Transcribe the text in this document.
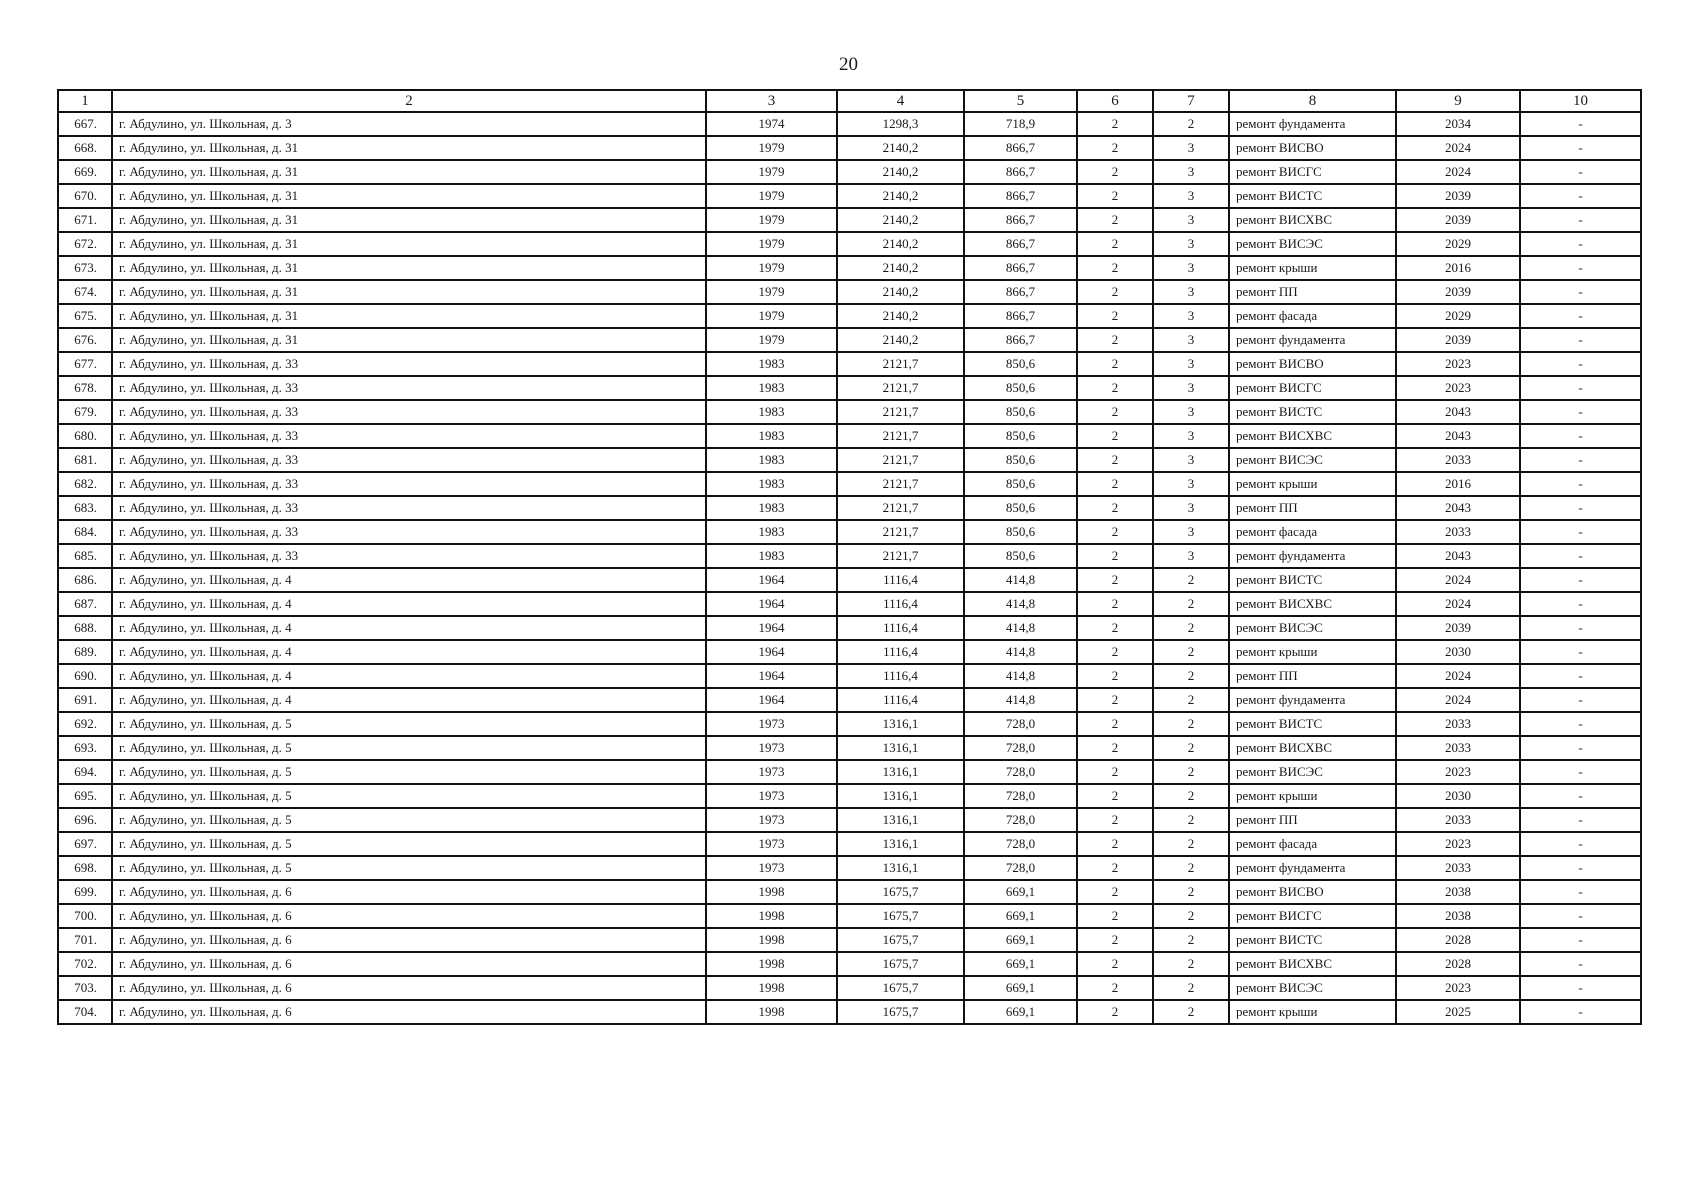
20
1	2	3	4	5	6	7	8	9	10
667.	г. Абдулино, ул. Школьная, д. 3	1974	1298,3	718,9	2	2	ремонт фундамента	2034	-
668.	г. Абдулино, ул. Школьная, д. 31	1979	2140,2	866,7	2	3	ремонт ВИСВО	2024	-
669.	г. Абдулино, ул. Школьная, д. 31	1979	2140,2	866,7	2	3	ремонт ВИСГС	2024	-
670.	г. Абдулино, ул. Школьная, д. 31	1979	2140,2	866,7	2	3	ремонт ВИСТС	2039	-
671.	г. Абдулино, ул. Школьная, д. 31	1979	2140,2	866,7	2	3	ремонт ВИСХВС	2039	-
672.	г. Абдулино, ул. Школьная, д. 31	1979	2140,2	866,7	2	3	ремонт ВИСЭС	2029	-
673.	г. Абдулино, ул. Школьная, д. 31	1979	2140,2	866,7	2	3	ремонт крыши	2016	-
674.	г. Абдулино, ул. Школьная, д. 31	1979	2140,2	866,7	2	3	ремонт ПП	2039	-
675.	г. Абдулино, ул. Школьная, д. 31	1979	2140,2	866,7	2	3	ремонт фасада	2029	-
676.	г. Абдулино, ул. Школьная, д. 31	1979	2140,2	866,7	2	3	ремонт фундамента	2039	-
677.	г. Абдулино, ул. Школьная, д. 33	1983	2121,7	850,6	2	3	ремонт ВИСВО	2023	-
678.	г. Абдулино, ул. Школьная, д. 33	1983	2121,7	850,6	2	3	ремонт ВИСГС	2023	-
679.	г. Абдулино, ул. Школьная, д. 33	1983	2121,7	850,6	2	3	ремонт ВИСТС	2043	-
680.	г. Абдулино, ул. Школьная, д. 33	1983	2121,7	850,6	2	3	ремонт ВИСХВС	2043	-
681.	г. Абдулино, ул. Школьная, д. 33	1983	2121,7	850,6	2	3	ремонт ВИСЭС	2033	-
682.	г. Абдулино, ул. Школьная, д. 33	1983	2121,7	850,6	2	3	ремонт крыши	2016	-
683.	г. Абдулино, ул. Школьная, д. 33	1983	2121,7	850,6	2	3	ремонт ПП	2043	-
684.	г. Абдулино, ул. Школьная, д. 33	1983	2121,7	850,6	2	3	ремонт фасада	2033	-
685.	г. Абдулино, ул. Школьная, д. 33	1983	2121,7	850,6	2	3	ремонт фундамента	2043	-
686.	г. Абдулино, ул. Школьная, д. 4	1964	1116,4	414,8	2	2	ремонт ВИСТС	2024	-
687.	г. Абдулино, ул. Школьная, д. 4	1964	1116,4	414,8	2	2	ремонт ВИСХВС	2024	-
688.	г. Абдулино, ул. Школьная, д. 4	1964	1116,4	414,8	2	2	ремонт ВИСЭС	2039	-
689.	г. Абдулино, ул. Школьная, д. 4	1964	1116,4	414,8	2	2	ремонт крыши	2030	-
690.	г. Абдулино, ул. Школьная, д. 4	1964	1116,4	414,8	2	2	ремонт ПП	2024	-
691.	г. Абдулино, ул. Школьная, д. 4	1964	1116,4	414,8	2	2	ремонт фундамента	2024	-
692.	г. Абдулино, ул. Школьная, д. 5	1973	1316,1	728,0	2	2	ремонт ВИСТС	2033	-
693.	г. Абдулино, ул. Школьная, д. 5	1973	1316,1	728,0	2	2	ремонт ВИСХВС	2033	-
694.	г. Абдулино, ул. Школьная, д. 5	1973	1316,1	728,0	2	2	ремонт ВИСЭС	2023	-
695.	г. Абдулино, ул. Школьная, д. 5	1973	1316,1	728,0	2	2	ремонт крыши	2030	-
696.	г. Абдулино, ул. Школьная, д. 5	1973	1316,1	728,0	2	2	ремонт ПП	2033	-
697.	г. Абдулино, ул. Школьная, д. 5	1973	1316,1	728,0	2	2	ремонт фасада	2023	-
698.	г. Абдулино, ул. Школьная, д. 5	1973	1316,1	728,0	2	2	ремонт фундамента	2033	-
699.	г. Абдулино, ул. Школьная, д. 6	1998	1675,7	669,1	2	2	ремонт ВИСВО	2038	-
700.	г. Абдулино, ул. Школьная, д. 6	1998	1675,7	669,1	2	2	ремонт ВИСГС	2038	-
701.	г. Абдулино, ул. Школьная, д. 6	1998	1675,7	669,1	2	2	ремонт ВИСТС	2028	-
702.	г. Абдулино, ул. Школьная, д. 6	1998	1675,7	669,1	2	2	ремонт ВИСХВС	2028	-
703.	г. Абдулино, ул. Школьная, д. 6	1998	1675,7	669,1	2	2	ремонт ВИСЭС	2023	-
704.	г. Абдулино, ул. Школьная, д. 6	1998	1675,7	669,1	2	2	ремонт крыши	2025	-
